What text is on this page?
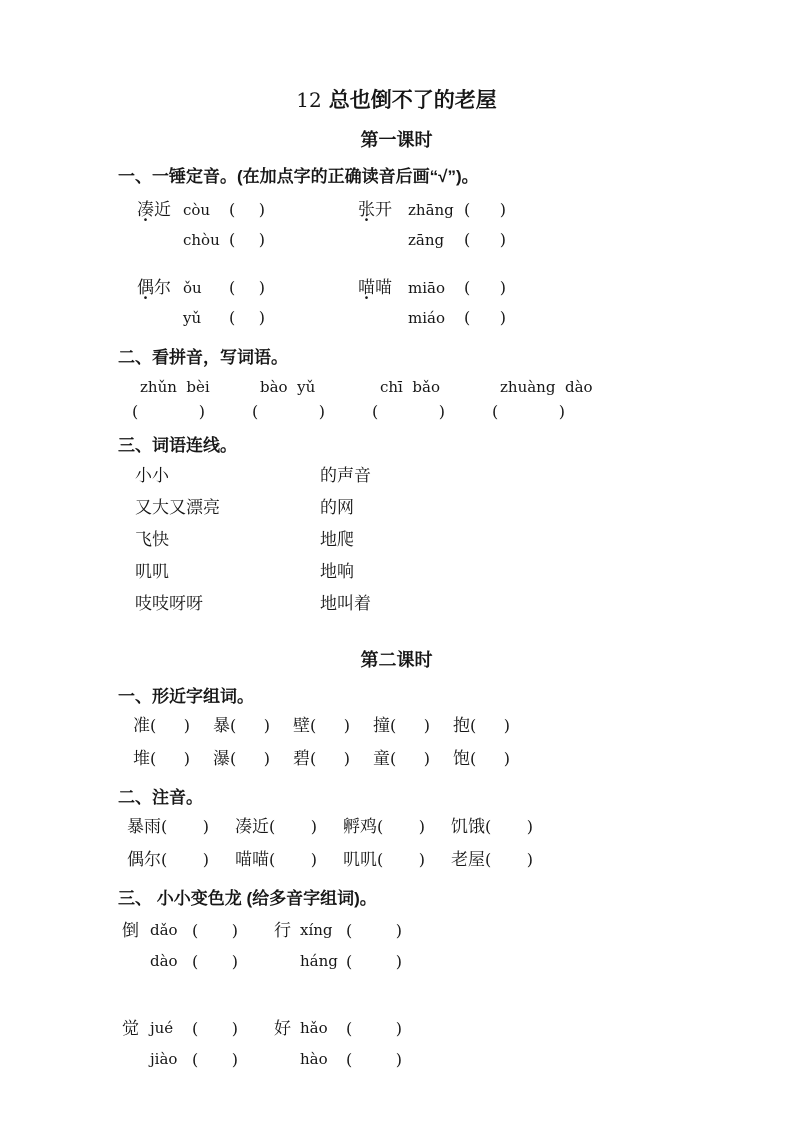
12 总也倒不了的老屋
第一课时
一、一锤定音。(在加点字的正确读音后画“√”)。
凑近 còu	( )
chòu ( )
张开	zhāng ( )
zāng	( )
偶尔 ǒu	( )
yǔ	( )
喵喵	miāo	( )
miáo	( )
二、看拼音，写词语。
zhǔn  bèi
(	)
bào  yǔ
(	)
chī  bǎo
(	)
zhuàng  dào
(	)
三、词语连线。
小小	的声音
又大又漂亮	的网
飞快	地爬
叽叽	地响
吱吱呀呀	地叫着
第二课时
一、形近字组词。
准 ( ) 暴 ( ) 壁 ( ) 撞 ( ) 抱 ( )
堆 ( ) 瀑 ( ) 碧 ( ) 童 ( ) 饱 ( )
二、注音。
暴雨 ( ) 凑近 ( ) 孵鸡 ( ) 饥饿 ( )
偶尔 ( ) 喵喵 ( ) 叽叽 ( ) 老屋 ( )
三、 小小变色龙 (给多音字组词)。
倒 dǎo ( ) 行 xíng (	)
dào ( )	háng (	)
觉 jué	( ) 好 hǎo	(	)
jiào ( )	hào	(	)
